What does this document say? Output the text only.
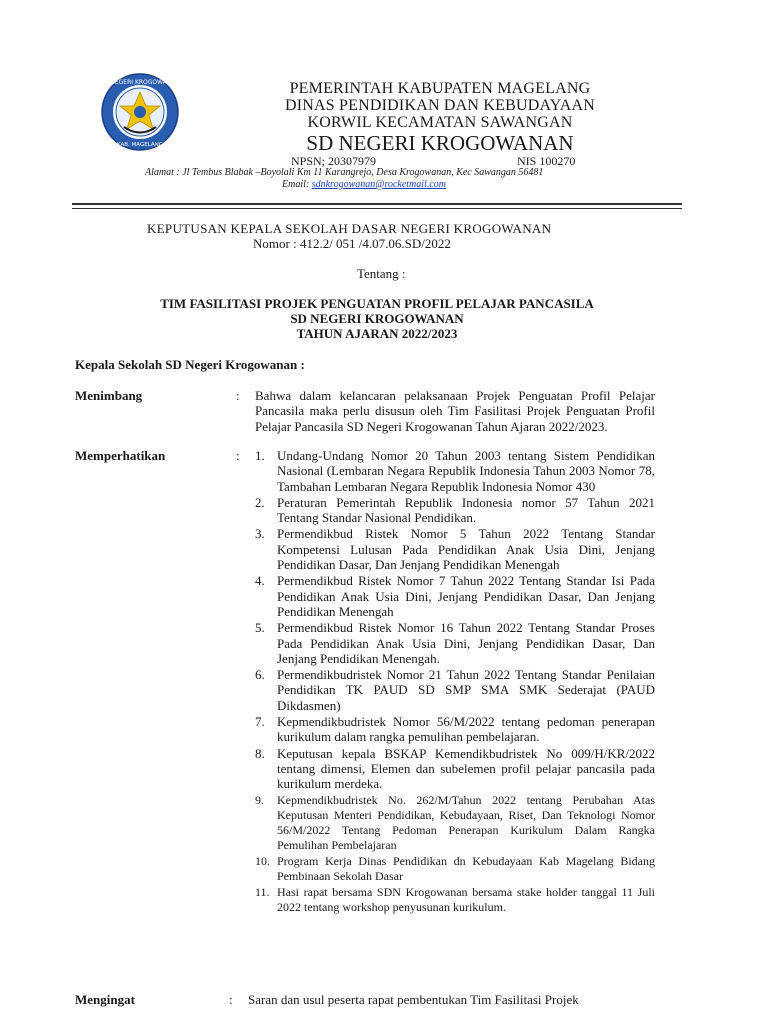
SD NEGERI KROGOWANAN
KAB. MAGELANG
PEMERINTAH KABUPATEN MAGELANG
DINAS PENDIDIKAN DAN KEBUDAYAAN
KORWIL KECAMATAN SAWANGAN
SD NEGERI KROGOWANAN
NPSN; 20307979	NIS 100270
Alamat : Jl Tembus Blabak –Boyolali Km 11 Karangrejo, Desa Krogowanan, Kec Sawangan 56481
Email: sdnkrogowanan@rocketmail.com
KEPUTUSAN KEPALA SEKOLAH DASAR NEGERI KROGOWANAN
Nomor : 412.2/ 051 /4.07.06.SD/2022
Tentang :
TIM FASILITASI PROJEK PENGUATAN PROFIL PELAJAR PANCASILA
SD NEGERI KROGOWANAN
TAHUN AJARAN 2022/2023
Kepala Sekolah SD Negeri Krogowanan :
Menimbang	: Bahwa dalam kelancaran pelaksanaan Projek Penguatan Profil Pelajar Pancasila maka perlu disusun oleh Tim Fasilitasi Projek Penguatan Profil Pelajar Pancasila SD Negeri Krogowanan Tahun Ajaran 2022/2023.
Memperhatikan	: 1. Undang-Undang Nomor 20 Tahun 2003 tentang Sistem Pendidikan Nasional (Lembaran Negara Republik Indonesia Tahun 2003 Nomor 78, Tambahan Lembaran Negara Republik Indonesia Nomor 430
2. Peraturan Pemerintah Republik Indonesia nomor 57 Tahun 2021 Tentang Standar Nasional Pendidikan.
3. Permendikbud Ristek Nomor 5 Tahun 2022 Tentang Standar Kompetensi Lulusan Pada Pendidikan Anak Usia Dini, Jenjang Pendidikan Dasar, Dan Jenjang Pendidikan Menengah
4. Permendikbud Ristek Nomor 7 Tahun 2022 Tentang Standar Isi Pada Pendidikan Anak Usia Dini, Jenjang Pendidikan Dasar, Dan Jenjang Pendidikan Menengah
5. Permendikbud Ristek Nomor 16 Tahun 2022 Tentang Standar Proses Pada Pendidikan Anak Usia Dini, Jenjang Pendidikan Dasar, Dan Jenjang Pendidikan Menengah.
6. Permendikbudristek Nomor 21 Tahun 2022 Tentang Standar Penilaian Pendidikan TK PAUD SD SMP SMA SMK Sederajat (PAUD Dikdasmen)
7. Kepmendikbudristek Nomor 56/M/2022 tentang pedoman penerapan kurikulum dalam rangka pemulihan pembelajaran.
8. Keputusan kepala BSKAP Kemendikbudristek No 009/H/KR/2022 tentang dimensi, Elemen dan subelemen profil pelajar pancasila pada kurikulum merdeka.
9. Kepmendikbudristek No. 262/M/Tahun 2022 tentang Perubahan Atas Keputusan Menteri Pendidikan, Kebudayaan, Riset, Dan Teknologi Nomor 56/M/2022 Tentang Pedoman Penerapan Kurikulum Dalam Rangka Pemulihan Pembelajaran
10. Program Kerja Dinas Pendidikan dn Kebudayaan Kab Magelang Bidang Pembinaan Sekolah Dasar
11. Hasi rapat bersama SDN Krogowanan bersama stake holder tanggal 11 Juli 2022 tentang workshop penyusunan kurikulum.
Mengingat	: Saran dan usul peserta rapat pembentukan Tim Fasilitasi Projek
